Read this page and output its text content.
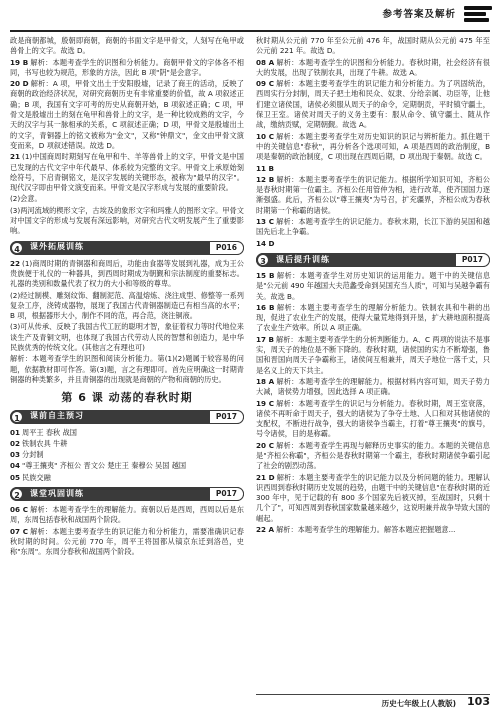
参考答案及解析
政是商朝都城，殷朝即商朝，商朝的书面文字是甲骨文，人刻写在龟甲或兽骨上的文字。故选 D。
19 B 解析：本题考查学生的识图和分析能力。商朝甲骨文的字体各不相同，书写也较为规范，形象的方法，因此 B 项"阴"是会意字。
20 D 解析：A 项，甲骨文出土于安阳殷墟，记录了商王的活动，反映了商朝的政治经济状况，对研究商朝历史有非常重要的价值，故 A 项叙述正确；B 项，我国有文字可考的历史从商朝开始，B 项叙述正确；C 项，甲骨文是殷墟出土的刻在龟甲和兽骨上的文字，是一种比较成熟的文字，今天的汉字与其一脉相承的关系，C 项叙述正确；D 项，甲骨文是殷墟出土的文字，青铜器上的铭文被称为"金文"，又称"钟鼎文"，金文由甲骨文演变而来，D 项叙述错误。故选 D。
21 (1)中国商周时期刻写在龟甲和牛、羊等兽骨上的文字，甲骨文是中国已发现的古代文字中年代最早、体系较为完整的文字。甲骨文上承原始刻绘符号，下启青铜铭文，是汉字发展的关键形态，被称为"最早的汉字"。现代汉字即由甲骨文演变而来。甲骨文是汉字形成与发展的重要阶段。
(2)会意。
(3)两河流域的楔形文字，古埃及的象形文字和玛雅人的图形文字。甲骨文对中国文字的形成与发展有深远影响，对研究古代文明发展产生了重要影响。
4	课外拓展训练	P016
22 (1)商周时期的青铜器和商周后，功能由食器等发展到礼器，成为王公贵族便于礼仪的一种器具，到西周时期成为朝觐和宗法制度的重要标志。礼器的类别和数量代表了权力的大小和等级的尊卑。
(2)经过制模、雕刻纹饰、翻制泥范、高温熔炼、浇注成型、修整等一系列复杂工序，浇铸成器物，展现了我国古代青铜器制造已有相当高的水平；B 项，根据器形大小，制作不同的范，再合范，浇注铜液。
(3)可从传承、反映了我国古代工匠的聪明才智，象征着权力等时代地位来谈生产及青铜文明，也体现了我国古代劳动人民的智慧和创造力，是中华民族优秀的传统文化。(其他言之有理也可)
解析：本题考查学生的识图和阅读分析能力。第(1)(2)题属于较容易的问题，依据教材即可作答。第(3)题，言之有理即可。首先应明确这一时期青铜器的种类繁多，并且青铜器的出现就是商朝的产物和商朝的历史。
第 6 课 动荡的春秋时期
1	课前自主预习	P017
01 周平王 春秋 战国
02 铁制农具 牛耕
03 分封制
04 "尊王攘夷" 齐桓公 晋文公 楚庄王 秦穆公 吴国 越国
05 民族交融
2	课堂巩固训练	P017
06 C 解析：本题考查学生的理解能力。商朝以后是西周，西周以后是东周，东周包括春秋和战国两个阶段。
07 C 解析：本题主要考查学生的识记能力和分析能力，需要准确识记春秋时期的时间。公元前 770 年，周平王将国都从镐京东迁到洛邑，史称"东周"。东周分春秋和战国两个阶段。
秋时期从公元前 770 年至公元前 476 年，战国时期从公元前 475 年至公元前 221 年。故选 D。
08 A 解析：本题考查学生的识图和分析能力。春秋时期，社会经济有很大的发展，出现了铁制农具，出现了牛耕。故选 A。
09 C 解析：本题主要考查学生的识记能力和分析能力。为了巩固统治，西周实行分封制，周天子把土地和民众、奴隶、分给亲属、功臣等，让他们建立诸侯国，诸侯必须服从周天子的命令，定期朝贡，平时镇守疆土，保卫王室。诸侯对周天子的义务主要有：服从命令、镇守疆土、随从作战，缴纳贡赋，定期朝觐。故选 A。
10 C 解析：本题主要考查学生对历史知识的识记与辨析能力。抓住题干中的关键信息"春秋"，再分析各个选项可知，A 项是西周的政治制度，B 项是秦朝的政治制度，C 项出现在西周后期，D 项出现于秦朝。故选 C。
11 B
12 B 解析：本题主要考查学生的识记能力。根据所学知识可知，齐桓公是春秋时期第一位霸主。齐桓公任用管仲为相，进行改革，使齐国国力逐渐强盛。此后，齐桓公以"尊王攘夷"为号召，扩充疆界，齐桓公成为春秋时期第一个称霸的诸侯。
13 C 解析：本题考查学生的识记能力。春秋末期，长江下游的吴国和越国先后北上争霸。
14 D
3	课后提升训练	P017
15 B 解析：本题考查学生对历史知识的运用能力。题干中的关键信息是"公元前 490 年越国大夫范蠡受命到吴国充当人质"，可知与吴越争霸有关。故选 B。
16 B 解析：本题主要考查学生的理解分析能力。铁制农具和牛耕的出现，促进了农业生产的发展，使得大量荒地得到开垦，扩大耕地面积提高了农业生产效率。所以 A 项正确。
17 B 解析：本题主要考查学生的分析判断能力。A、C 两项的说法不是事实，周天子的地位是不断下降的。春秋时期，诸侯国的实力不断增强，鲁国和晋国向周天子争霸称王，诸侯间互相兼并，周天子地位一落千丈，只是名义上的天下共主。
18 A 解析：本题考查学生的理解能力。根据材料内容可知，周天子势力大减，诸侯势力增强，因此选择 A 项正确。
19 C 解析：本题考查学生的识记与分析能力。春秋时期，周王室衰落，诸侯不再听命于周天子，强大的诸侯为了争夺土地、人口和对其他诸侯的支配权，不断进行战争，强大的诸侯争当霸主，打着"尊王攘夷"的旗号，号令诸侯，目的是称霸。
20 C 解析：本题考查学生再现与解释历史事实的能力。本题的关键信息是"齐桓公称霸"，齐桓公是春秋时期第一个霸主，春秋时期诸侯争霸引起了社会的剧烈动荡。
21 D 解析：本题主要考查学生的识记能力以及分析问题的能力。理解认识西周到春秋时期历史发展的趋势，由题干中的关键信息"在春秋时期的近 300 年中，见于记载的有 800 多个国家先后被灭掉，至战国时，只剩十几个了"，可知西周到春秋国家数量越来越少，这说明兼并战争导致大国的崛起。
22 A 解析：本题考查学生的理解能力。解答本题应把握题意...
历史七年级上(人教版) 103
